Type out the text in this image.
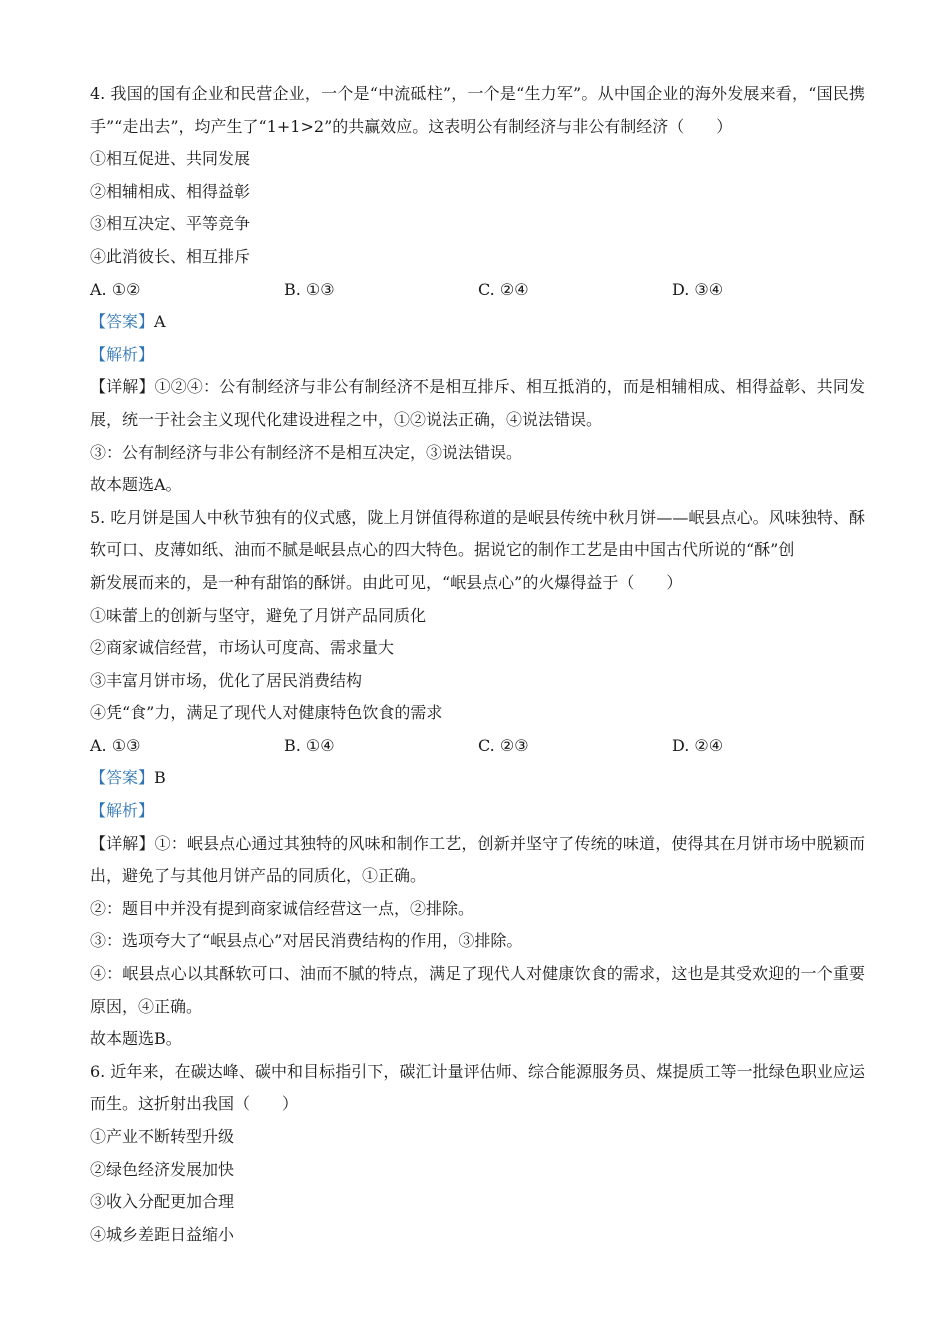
4. 我国的国有企业和民营企业，一个是“中流砥柱”，一个是“生力军”。从中国企业的海外发展来看，“国民携手”“走出去”，均产生了“1+1>2”的共赢效应。这表明公有制经济与非公有制经济（　　）
①相互促进、共同发展
②相辅相成、相得益彰
③相互决定、平等竞争
④此消彼长、相互排斥
A. ①②	B. ①③	C. ②④	D. ③④
【答案】A
【解析】
【详解】①②④：公有制经济与非公有制经济不是相互排斥、相互抵消的，而是相辅相成、相得益彰、共同发展，统一于社会主义现代化建设进程之中，①②说法正确，④说法错误。
③：公有制经济与非公有制经济不是相互决定，③说法错误。
故本题选A。
5. 吃月饼是国人中秋节独有的仪式感，陇上月饼值得称道的是岷县传统中秋月饼——岷县点心。风味独特、酥软可口、皮薄如纸、油而不腻是岷县点心的四大特色。据说它的制作工艺是由中国古代所说的“酥”创
新发展而来的，是一种有甜馅的酥饼。由此可见，“岷县点心”的火爆得益于（　　）
①味蕾上的创新与坚守，避免了月饼产品同质化
②商家诚信经营，市场认可度高、需求量大
③丰富月饼市场，优化了居民消费结构
④凭“食”力，满足了现代人对健康特色饮食的需求
A. ①③	B. ①④	C. ②③	D. ②④
【答案】B
【解析】
【详解】①：岷县点心通过其独特的风味和制作工艺，创新并坚守了传统的味道，使得其在月饼市场中脱颖而出，避免了与其他月饼产品的同质化，①正确。
②：题目中并没有提到商家诚信经营这一点，②排除。
③：选项夸大了“岷县点心”对居民消费结构的作用，③排除。
④：岷县点心以其酥软可口、油而不腻的特点，满足了现代人对健康饮食的需求，这也是其受欢迎的一个重要原因，④正确。
故本题选B。
6. 近年来，在碳达峰、碳中和目标指引下，碳汇计量评估师、综合能源服务员、煤提质工等一批绿色职业应运而生。这折射出我国（　　）
①产业不断转型升级
②绿色经济发展加快
③收入分配更加合理
④城乡差距日益缩小
